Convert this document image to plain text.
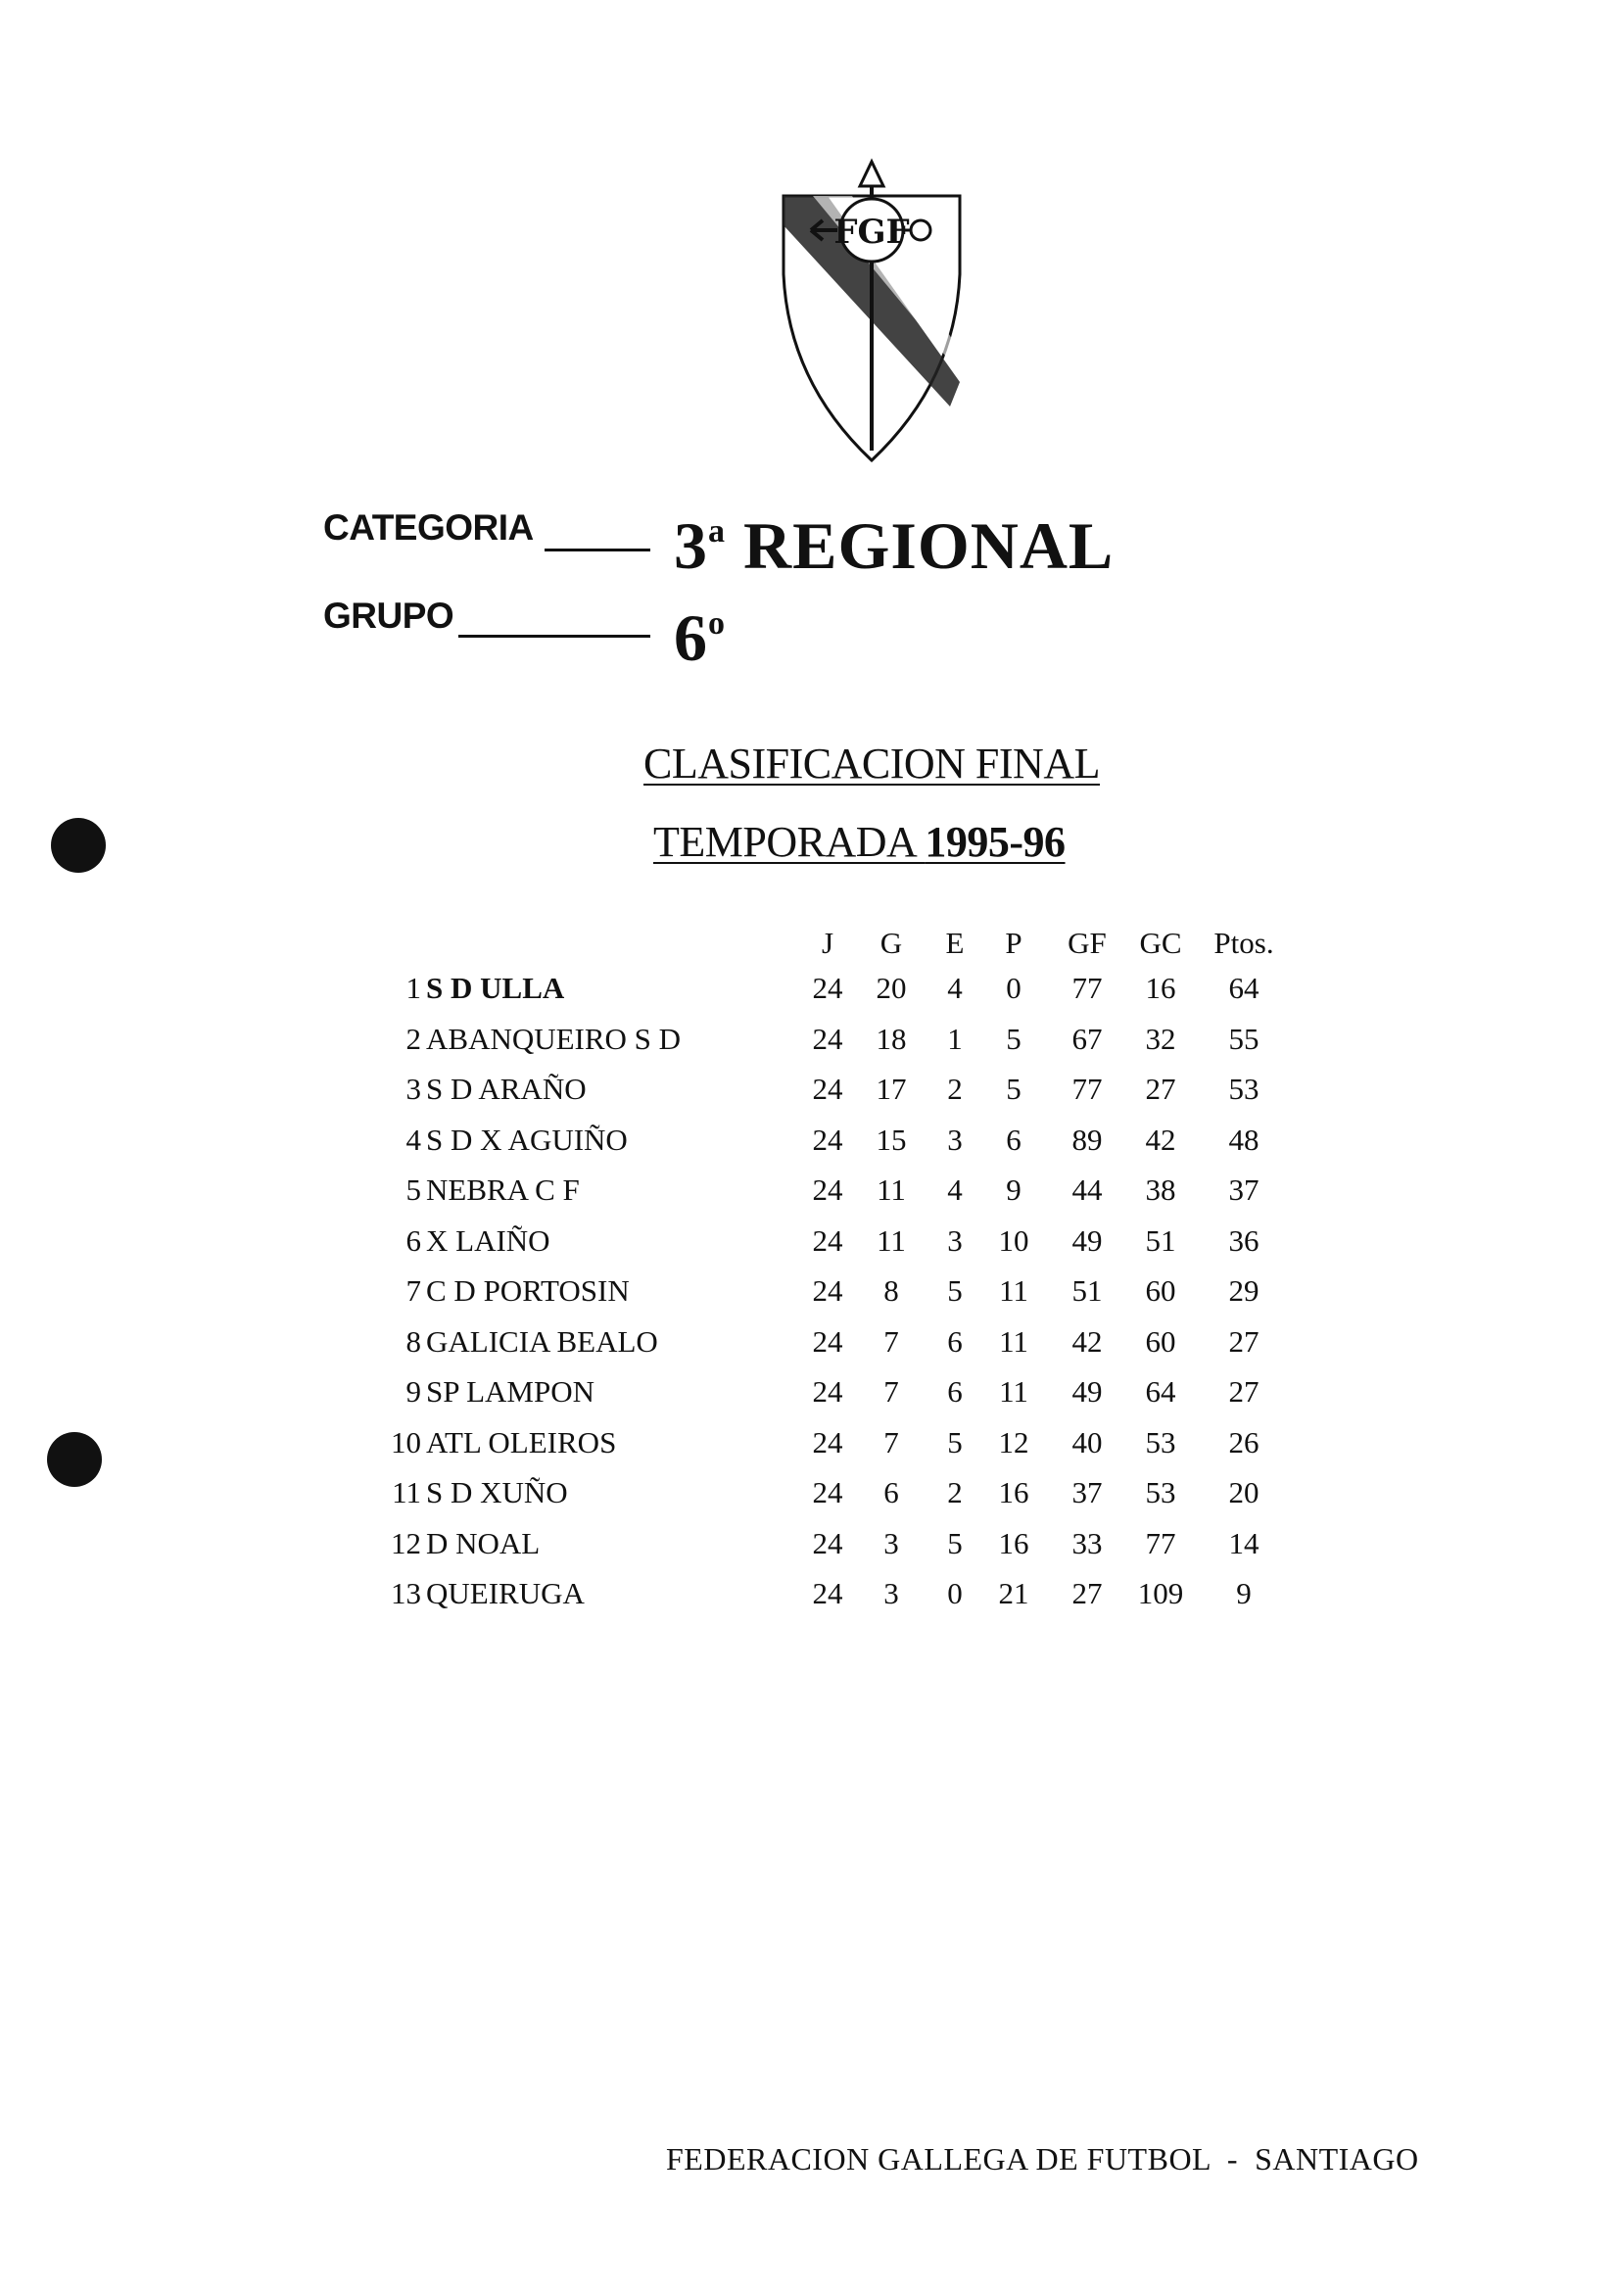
FGF
CATEGORIA 3$^a$ REGIONAL
GRUPO	6$^o$
CLASIFICACION FINAL
TEMPORADA 1995-96
J	G	E	P	GF	GC	Ptos.
1 S D ULLA	24	20	4	0	77	16	64
2 ABANQUEIRO S D	24	18	1	5	67	32	55
3 S D ARAÑO	24	17	2	5	77	27	53
4 S D X AGUIÑO	24	15	3	6	89	42	48
5 NEBRA C F	24	11	4	9	44	38	37
6 X LAIÑO	24	11	3	10	49	51	36
7 C D PORTOSIN	24	8	5	11	51	60	29
8 GALICIA BEALO	24	7	6	11	42	60	27
9 SP LAMPON	24	7	6	11	49	64	27
10 ATL OLEIROS	24	7	5	12	40	53	26
11 S D XUÑO	24	6	2	16	37	53	20
12 D NOAL	24	3	5	16	33	77	14
13 QUEIRUGA	24	3	0	21	27	109	9
FEDERACION GALLEGA DE FUTBOL  -  SANTIAGO
